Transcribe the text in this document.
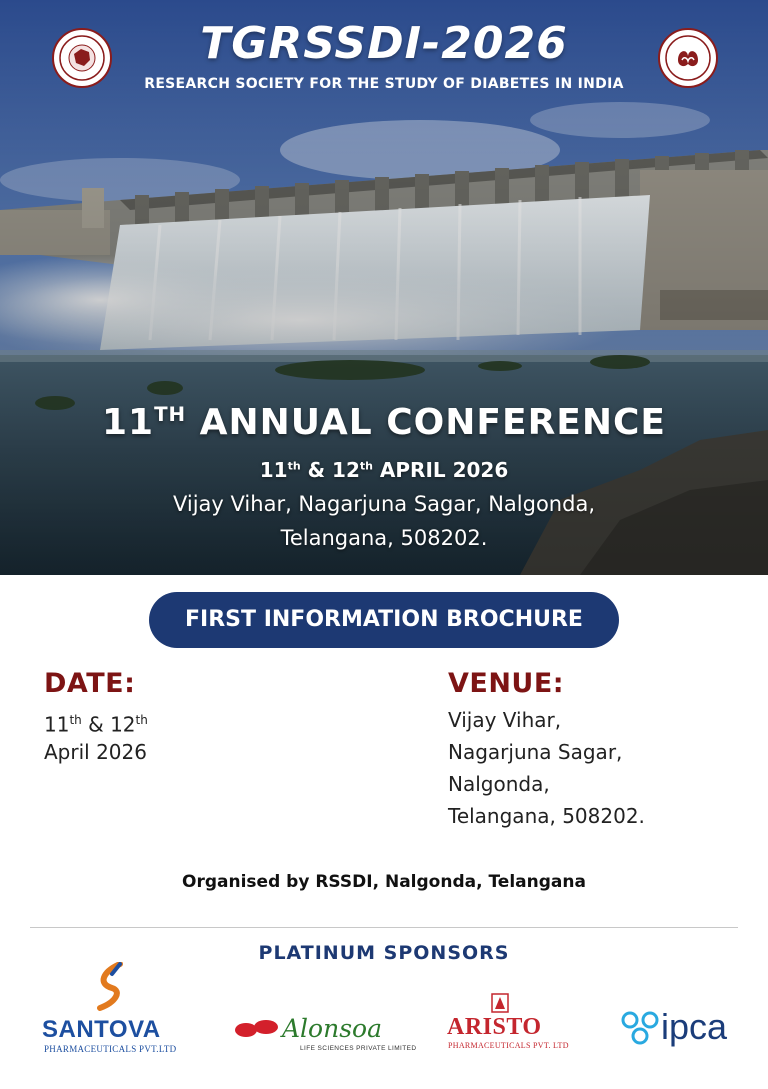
TGRSSDI-2026
RESEARCH SOCIETY FOR THE STUDY OF DIABETES IN INDIA
11TH ANNUAL CONFERENCE
11th & 12th APRIL 2026
Vijay Vihar, Nagarjuna Sagar, Nalgonda,
Telangana, 508202.
FIRST INFORMATION BROCHURE
DATE:
11th & 12th
April 2026
VENUE:
Vijay Vihar,
Nagarjuna Sagar,
Nalgonda,
Telangana, 508202.
Organised by RSSDI, Nalgonda, Telangana
PLATINUM SPONSORS
SANTOVA
PHARMACEUTICALS PVT.LTD
Alonsoa
LIFE SCIENCES PRIVATE LIMITED
ARISTO
PHARMACEUTICALS PVT. LTD	ipca
